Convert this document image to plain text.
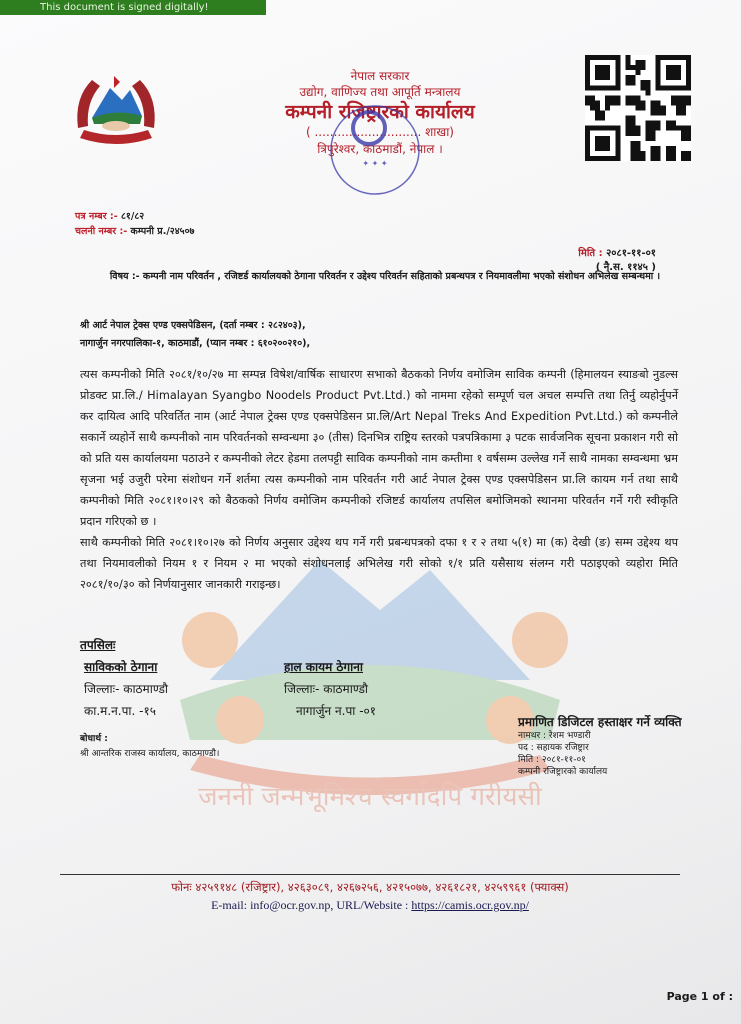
This document is signed digitally!
नेपाल सरकार
उद्योग, वाणिज्य तथा आपूर्ति मन्त्रालय
कम्पनी रजिष्ट्रारको कार्यालय
( ............................ शाखा)
त्रिपुरेश्वर, काठमाडौं, नेपाल ।
✦ ✦ ✦
पत्र नम्बर :- ८१/८२
चलनी नम्बर :- कम्पनी प्र./२४५०७
मिति : २०८१-११-०१
( नै.स. ११४५ )
विषय :- कम्पनी नाम परिवर्तन , रजिष्टर्ड कार्यालयको ठेगाना परिवर्तन र उद्देश्य परिवर्तन सहिताको प्रबन्धपत्र र नियमावलीमा भएको संशोधन अभिलेख सम्बन्धमा ।
श्री आर्ट नेपाल ट्रेक्स एण्ड एक्सपेडिसन, (दर्ता नम्बर : २८२४०३),
नागार्जुन नगरपालिका-१, काठमाडौं, (प्यान नम्बर : ६१०२००२१०),
जननी जन्मभूमिश्च स्वर्गादपि गरीयसी

त्यस कम्पनीको मिति २०८१/१०/२७ मा सम्पन्न विषेश/वार्षिक साधारण सभाको बैठकको निर्णय वमोजिम साविक कम्पनी (हिमालयन स्याङबो नुडल्स प्रोडक्ट प्रा.लि./ Himalayan Syangbo Noodels Product Pvt.Ltd.) को नाममा रहेको सम्पूर्ण चल अचल सम्पत्ति तथा तिर्नु व्यहोर्नुपर्ने कर दायित्व आदि परिवर्तित नाम (आर्ट नेपाल ट्रेक्स एण्ड एक्सपेडिसन प्रा.लि/Art Nepal Treks And Expedition Pvt.Ltd.) को कम्पनीले सकार्ने व्यहोर्ने साथै कम्पनीको नाम परिवर्तनको सम्वन्धमा ३० (तीस) दिनभित्र राष्ट्रिय स्तरको पत्रपत्रिकामा ३ पटक सार्वजनिक सूचना प्रकाशन गरी सो को प्रति यस कार्यालयमा पठाउने र कम्पनीको लेटर हेडमा तलपट्टी साविक कम्पनीको नाम कम्तीमा १ वर्षसम्म उल्लेख गर्ने साथै नामका सम्वन्धमा भ्रम सृजना भई उजुरी परेमा संशोधन गर्ने शर्तमा त्यस कम्पनीको नाम परिवर्तन गरी आर्ट नेपाल ट्रेक्स एण्ड एक्सपेडिसन प्रा.लि कायम गर्न तथा साथै कम्पनीको मिति २०८१।१०।२९ को बैठकको निर्णय वमोजिम कम्पनीको रजिष्टर्ड कार्यालय तपसिल बमोजिमको स्थानमा परिवर्तन गर्ने गरी स्वीकृति प्रदान गरिएको छ ।

साथै कम्पनीको मिति २०८१।१०।२७ को निर्णय अनुसार उद्देश्य थप गर्ने गरी प्रबन्धपत्रको दफा १ र २ तथा ५(१) मा (क) देखी (ङ) सम्म उद्देश्य थप तथा नियमावलीको नियम १ र नियम २ मा भएको संशोधनलाई अभिलेख गरी सोको १/१ प्रति यसैसाथ संलग्न गरी पठाइएको व्यहोरा मिति २०८१/१०/३० को निर्णयानुसार जानकारी गराइन्छ।

तपसिलः
साविकको ठेगाना
जिल्लाः- काठमाण्डौ
का.म.न.पा. -१५
हाल कायम ठेगाना
जिल्लाः- काठमाण्डौ
नागार्जुन न.पा -०१
बोधार्थ :
श्री आन्तरिक राजस्व कार्यालय, काठमाण्डौ।
प्रमाणित डिजिटल हस्ताक्षर गर्ने व्यक्ति
नामथर : रेशम भण्डारी
पद : सहायक रजिष्ट्रार
मिति : २०८१-११-०१
कम्पनी रजिष्ट्रारको कार्यालय
फोनः ४२५९१४८ (रजिष्ट्रार), ४२६३०८९, ४२६७२५६, ४२१५०७७, ४२६१८२१, ४२५९९६१ (फ्याक्स)
E-mail: info@ocr.gov.np, URL/Website : https://camis.ocr.gov.np/
Page 1 of :
